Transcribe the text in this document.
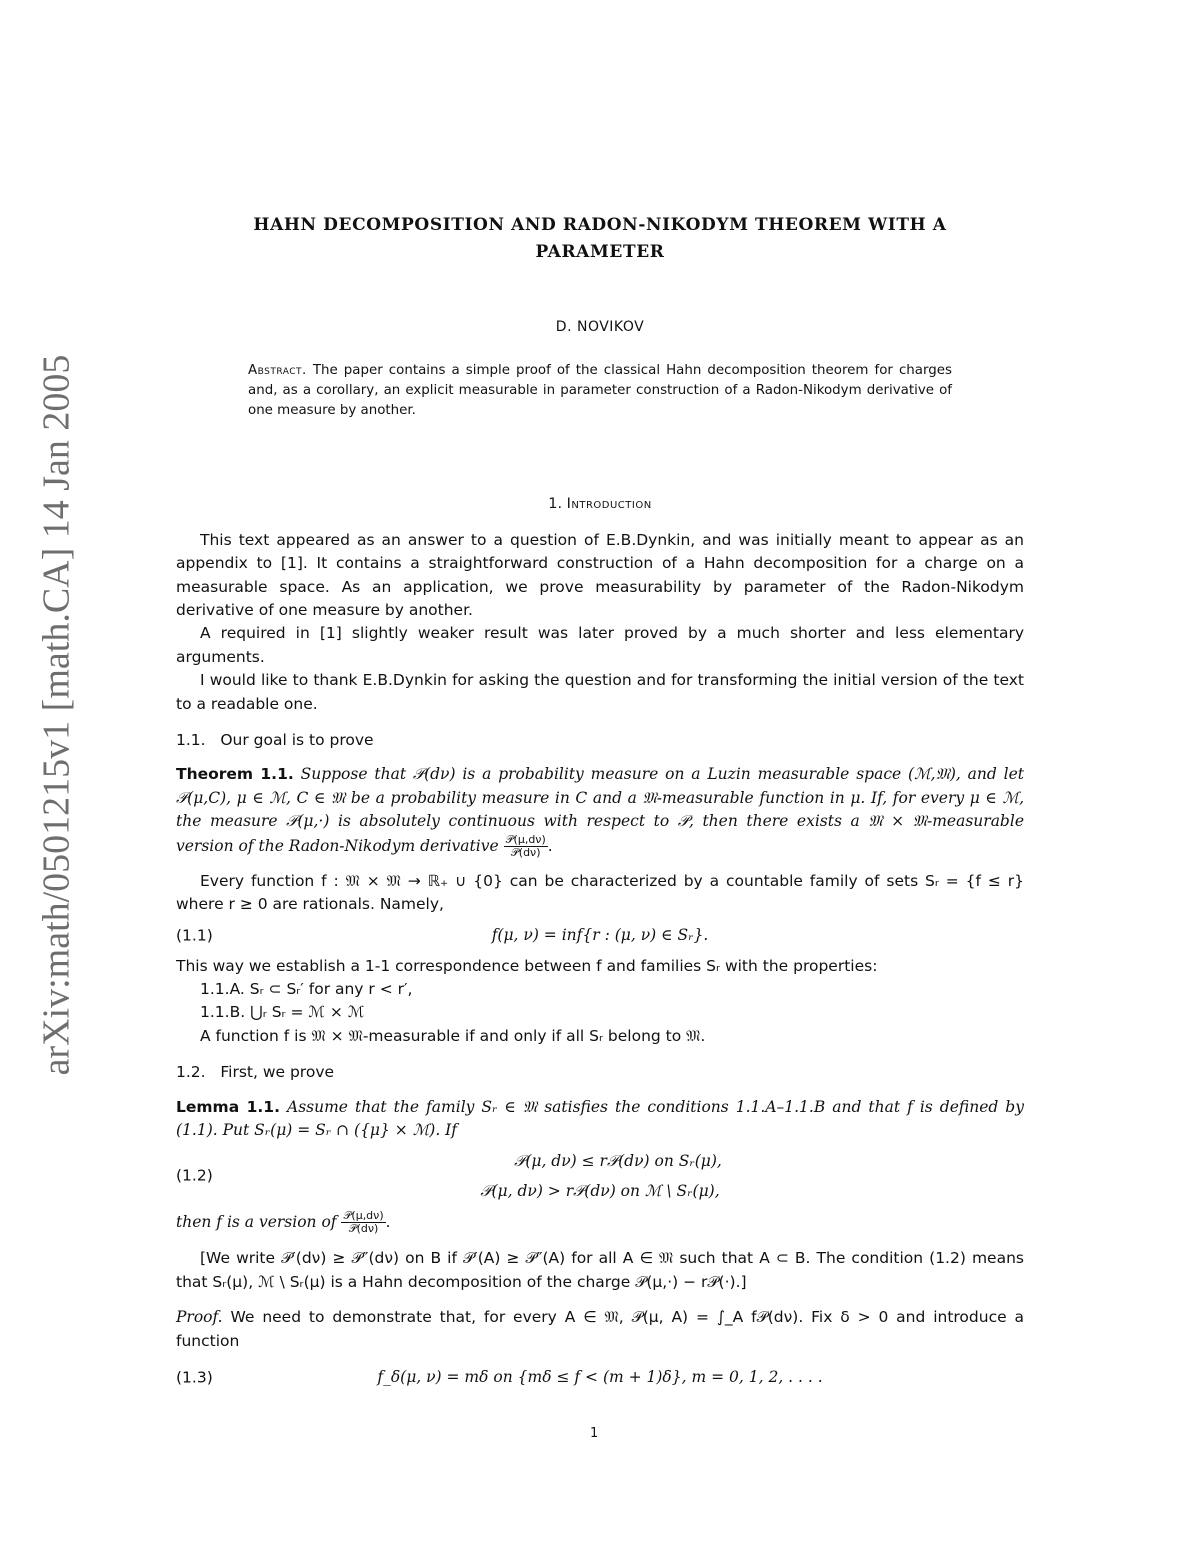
arXiv:math/0501215v1 [math.CA] 14 Jan 2005
HAHN DECOMPOSITION AND RADON-NIKODYM THEOREM WITH A
PARAMETER
D. NOVIKOV
Abstract. The paper contains a simple proof of the classical Hahn decomposition theorem for charges and, as a corollary, an explicit measurable in parameter construction of a Radon-Nikodym derivative of one measure by another.
1. Introduction

This text appeared as an answer to a question of E.B.Dynkin, and was initially meant to appear as an appendix to [1]. It contains a straightforward construction of a Hahn decomposition for a charge on a measurable space. As an application, we prove measurability by parameter of the Radon-Nikodym derivative of one measure by another.

A required in [1] slightly weaker result was later proved by a much shorter and less elementary arguments.

I would like to thank E.B.Dynkin for asking the question and for transforming the initial version of the text to a readable one.

1.1. Our goal is to prove

Theorem 1.1. Suppose that 𝒫(dν) is a probability measure on a Luzin measurable space (ℳ,𝔐), and let 𝒫(μ,C), μ ∈ ℳ, C ∈ 𝔐 be a probability measure in C and a 𝔐-measurable function in μ. If, for every μ ∈ ℳ, the measure 𝒫(μ,·) is absolutely continuous with respect to 𝒫, then there exists a 𝔐 × 𝔐-measurable version of the Radon-Nikodym derivative $\frac{\text{𝒫(μ,dν)}}{\text{𝒫(dν)}}$ .

Every function f : 𝔐 × 𝔐 → ℝ₊ ∪ {0} can be characterized by a countable family of sets Sᵣ = {f ≤ r} where r ≥ 0 are rationals. Namely,

(1.1)	f(μ, ν) = inf{r : (μ, ν) ∈ Sᵣ}.

This way we establish a 1-1 correspondence between f and families Sᵣ with the properties:

1.1.A. Sᵣ ⊂ Sᵣ′ for any r < r′,

1.1.B. ⋃ᵣ Sᵣ = ℳ × ℳ

A function f is 𝔐 × 𝔐-measurable if and only if all Sᵣ belong to 𝔐.

1.2. First, we prove

Lemma 1.1. Assume that the family Sᵣ ∈ 𝔐 satisfies the conditions 1.1.A–1.1.B and that f is defined by (1.1). Put Sᵣ(μ) = Sᵣ ∩ ({μ} × ℳ). If

(1.2)
𝒫(μ, dν) ≤ r𝒫(dν) on Sᵣ(μ),
𝒫(μ, dν) > r𝒫(dν) on ℳ \ Sᵣ(μ),

then f is a version of $\frac{\text{𝒫(μ,dν)}}{\text{𝒫(dν)}}$ .

[We write 𝒫′(dν) ≥ 𝒫″(dν) on B if 𝒫′(A) ≥ 𝒫″(A) for all A ∈ 𝔐 such that A ⊂ B. The condition (1.2) means that Sᵣ(μ), ℳ \ Sᵣ(μ) is a Hahn decomposition of the charge 𝒫(μ,·) − r𝒫(·).]

Proof. We need to demonstrate that, for every A ∈ 𝔐, 𝒫(μ, A) = ∫_A f𝒫(dν). Fix δ > 0 and introduce a function

(1.3)	f_δ(μ, ν) = mδ on {mδ ≤ f < (m + 1)δ}, m = 0, 1, 2, . . . .
1
